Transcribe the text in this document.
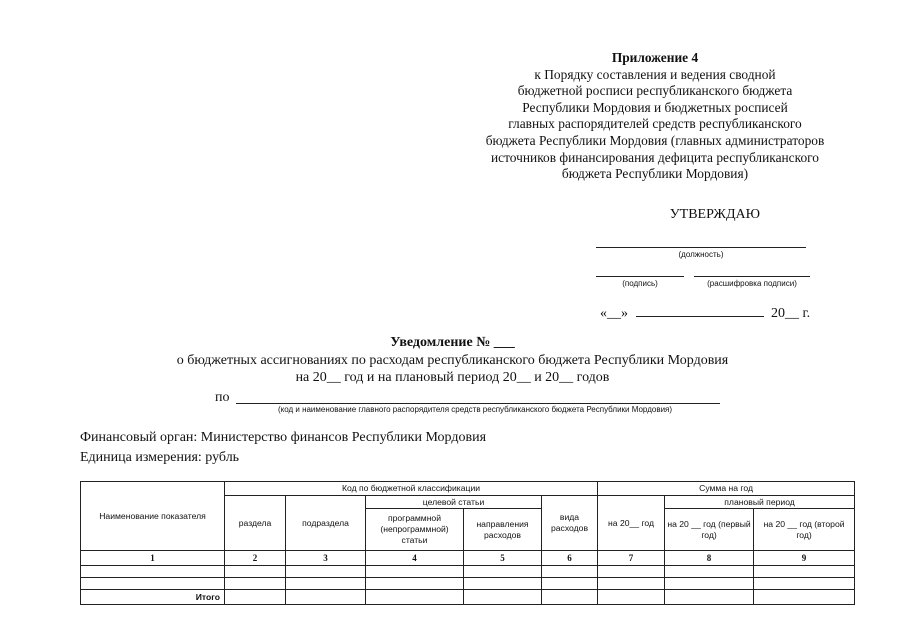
Приложение 4
к Порядку составления и ведения сводной
бюджетной росписи республиканского бюджета
Республики Мордовия и бюджетных росписей
главных распорядителей средств республиканского
бюджета Республики Мордовия (главных администраторов
источников финансирования дефицита республиканского
бюджета Республики Мордовия)
УТВЕРЖДАЮ
(должность)
(подпись)	(расшифровка подписи)
«__»	20__ г.
Уведомление № ___
о бюджетных ассигнованиях по расходам республиканского бюджета Республики Мордовия
на 20__ год и на плановый период 20__ и 20__ годов
по
(код и наименование главного распорядителя средств республиканского бюджета Республики Мордовия)
Финансовый орган: Министерство финансов Республики Мордовия
Единица измерения: рубль
Наименование показателя	Код по бюджетной классификации					Сумма на год		
	раздела	подраздела	целевой статьи		вида расходов	на 20__ год	плановый период	
			программной (непрограммной) статьи	направления расходов			на 20 __ год (первый год)	на 20 __ год (второй год)
1	2	3	4	5	6	7	8	9

Итого								
